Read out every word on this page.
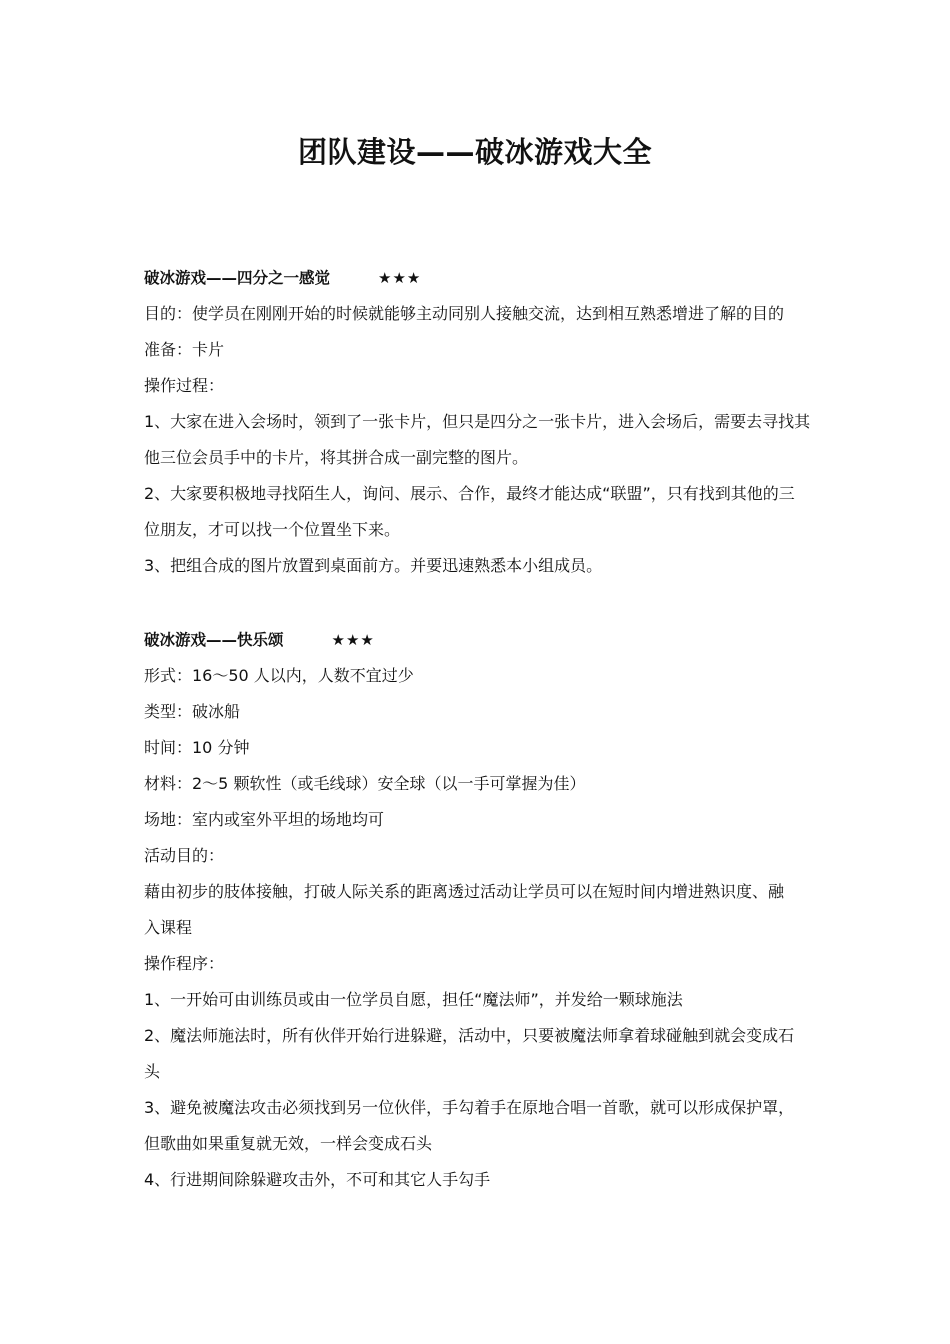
团队建设——破冰游戏大全
破冰游戏——四分之一感觉	★★★
目的：使学员在刚刚开始的时候就能够主动同别人接触交流，达到相互熟悉增进了解的目的
准备：卡片
操作过程：
1、大家在进入会场时，领到了一张卡片，但只是四分之一张卡片，进入会场后，需要去寻找其
他三位会员手中的卡片，将其拼合成一副完整的图片。
2、大家要积极地寻找陌生人，询问、展示、合作，最终才能达成“联盟”，只有找到其他的三
位朋友，才可以找一个位置坐下来。
3、把组合成的图片放置到桌面前方。并要迅速熟悉本小组成员。
破冰游戏——快乐颂	★★★
形式：16～50 人以内，人数不宜过少
类型：破冰船
时间：10 分钟
材料：2～5 颗软性（或毛线球）安全球（以一手可掌握为佳）
场地：室内或室外平坦的场地均可
活动目的：
藉由初步的肢体接触，打破人际关系的距离透过活动让学员可以在短时间内增进熟识度、融
入课程
操作程序：
1、一开始可由训练员或由一位学员自愿，担任“魔法师”，并发给一颗球施法
2、魔法师施法时，所有伙伴开始行进躲避，活动中，只要被魔法师拿着球碰触到就会变成石
头
3、避免被魔法攻击必须找到另一位伙伴，手勾着手在原地合唱一首歌，就可以形成保护罩，
但歌曲如果重复就无效，一样会变成石头
4、行进期间除躲避攻击外，不可和其它人手勾手
